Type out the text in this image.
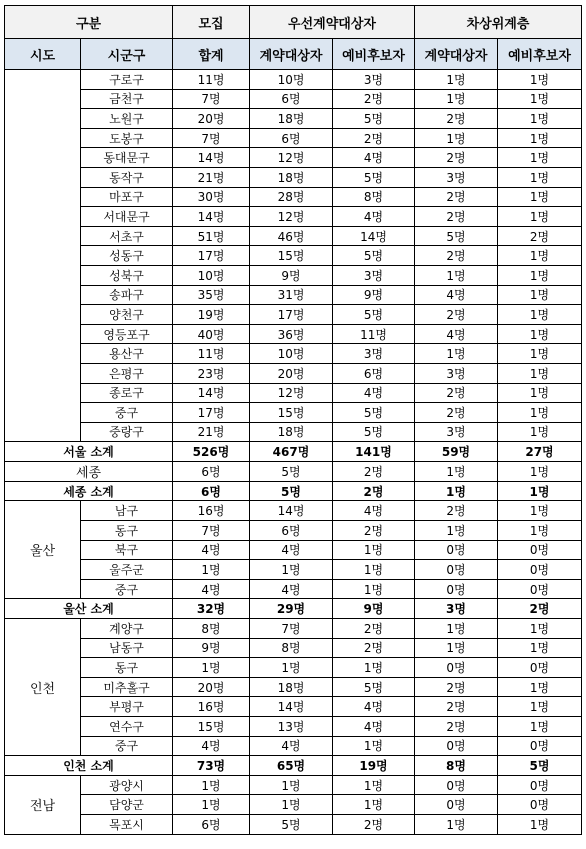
구분		모집	우선계약대상자		차상위계층	
시도	시군구	합계	계약대상자	예비후보자	계약대상자	예비후보자
	구로구	11명	10명	3명	1명	1명
	금천구	7명	6명	2명	1명	1명
	노원구	20명	18명	5명	2명	1명
	도봉구	7명	6명	2명	1명	1명
	동대문구	14명	12명	4명	2명	1명
	동작구	21명	18명	5명	3명	1명
	마포구	30명	28명	8명	2명	1명
	서대문구	14명	12명	4명	2명	1명
	서초구	51명	46명	14명	5명	2명
	성동구	17명	15명	5명	2명	1명
	성북구	10명	9명	3명	1명	1명
	송파구	35명	31명	9명	4명	1명
	양천구	19명	17명	5명	2명	1명
	영등포구	40명	36명	11명	4명	1명
	용산구	11명	10명	3명	1명	1명
	은평구	23명	20명	6명	3명	1명
	종로구	14명	12명	4명	2명	1명
	중구	17명	15명	5명	2명	1명
	중랑구	21명	18명	5명	3명	1명
서울 소계		526명	467명	141명	59명	27명
세종		6명	5명	2명	1명	1명
세종 소계		6명	5명	2명	1명	1명
울산	남구	16명	14명	4명	2명	1명
	동구	7명	6명	2명	1명	1명
	북구	4명	4명	1명	0명	0명
	울주군	1명	1명	1명	0명	0명
	중구	4명	4명	1명	0명	0명
울산 소계		32명	29명	9명	3명	2명
인천	계양구	8명	7명	2명	1명	1명
	남동구	9명	8명	2명	1명	1명
	동구	1명	1명	1명	0명	0명
	미추홀구	20명	18명	5명	2명	1명
	부평구	16명	14명	4명	2명	1명
	연수구	15명	13명	4명	2명	1명
	중구	4명	4명	1명	0명	0명
인천 소계		73명	65명	19명	8명	5명
전남	광양시	1명	1명	1명	0명	0명
	담양군	1명	1명	1명	0명	0명
	목포시	6명	5명	2명	1명	1명
